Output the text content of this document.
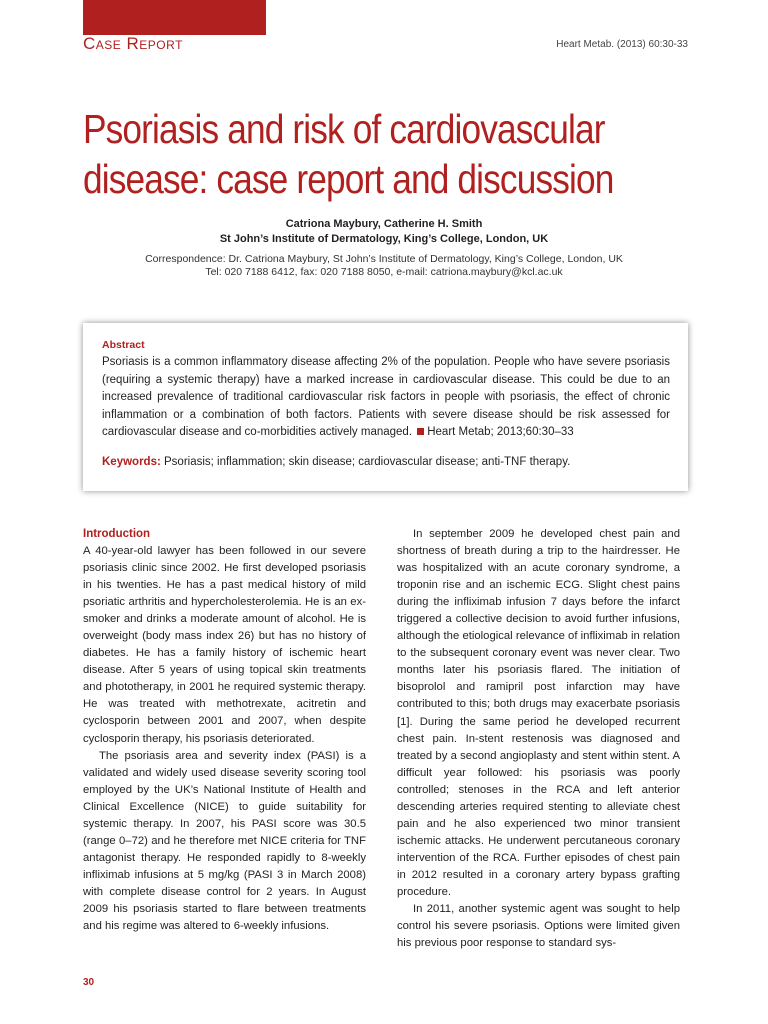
Case Report	Heart Metab. (2013) 60:30-33
Psoriasis and risk of cardiovascular
disease: case report and discussion
Catriona Maybury, Catherine H. Smith
St John’s Institute of Dermatology, King’s College, London, UK
Correspondence: Dr. Catriona Maybury, St John’s Institute of Dermatology, King’s College, London, UK
Tel: 020 7188 6412, fax: 020 7188 8050, e-mail: catriona.maybury@kcl.ac.uk
Abstract
Psoriasis is a common inflammatory disease affecting 2% of the population. People who have severe psoriasis (requiring a systemic therapy) have a marked increase in cardiovascular disease. This could be due to an increased prevalence of traditional cardiovascular risk factors in people with psoriasis, the effect of chronic inflammation or a combination of both factors. Patients with severe disease should be risk assessed for cardiovascular disease and co-morbidities actively managed. Heart Metab; 2013;60:30–33
Keywords: Psoriasis; inflammation; skin disease; cardiovascular disease; anti-TNF therapy.
Introduction

A 40-year-old lawyer has been followed in our severe psoriasis clinic since 2002. He first developed psoriasis in his twenties. He has a past medical history of mild psoriatic arthritis and hypercholesterolemia. He is an ex-smoker and drinks a moderate amount of alcohol. He is overweight (body mass index 26) but has no history of diabetes. He has a family history of ischemic heart disease. After 5 years of using topical skin treatments and phototherapy, in 2001 he required systemic therapy. He was treated with methotrexate, acitretin and cyclosporin between 2001 and 2007, when despite cyclosporin therapy, his psoriasis deteriorated.

The psoriasis area and severity index (PASI) is a validated and widely used disease severity scoring tool employed by the UK’s National Institute of Health and Clinical Excellence (NICE) to guide suitability for systemic therapy. In 2007, his PASI score was 30.5 (range 0–72) and he therefore met NICE criteria for TNF antagonist therapy. He responded rapidly to 8-weekly infliximab infusions at 5 mg/kg (PASI 3 in March 2008) with complete disease control for 2 years. In August 2009 his psoriasis started to flare between treatments and his regime was altered to 6-weekly infusions.

In september 2009 he developed chest pain and shortness of breath during a trip to the hairdresser. He was hospitalized with an acute coronary syndrome, a troponin rise and an ischemic ECG. Slight chest pains during the infliximab infusion 7 days before the infarct triggered a collective decision to avoid further infusions, although the etiological relevance of infliximab in relation to the subsequent coronary event was never clear. Two months later his psoriasis flared. The initiation of bisoprolol and ramipril post infarction may have contributed to this; both drugs may exacerbate psoriasis [1]. During the same period he developed recurrent chest pain. In-stent restenosis was diagnosed and treated by a second angioplasty and stent within stent. A difficult year followed: his psoriasis was poorly controlled; stenoses in the RCA and left anterior descending arteries required stenting to alleviate chest pain and he also experienced two minor transient ischemic attacks. He underwent percutaneous coronary intervention of the RCA. Further episodes of chest pain in 2012 resulted in a coronary artery bypass grafting procedure.

In 2011, another systemic agent was sought to help control his severe psoriasis. Options were limited given his previous poor response to standard sys-

30
